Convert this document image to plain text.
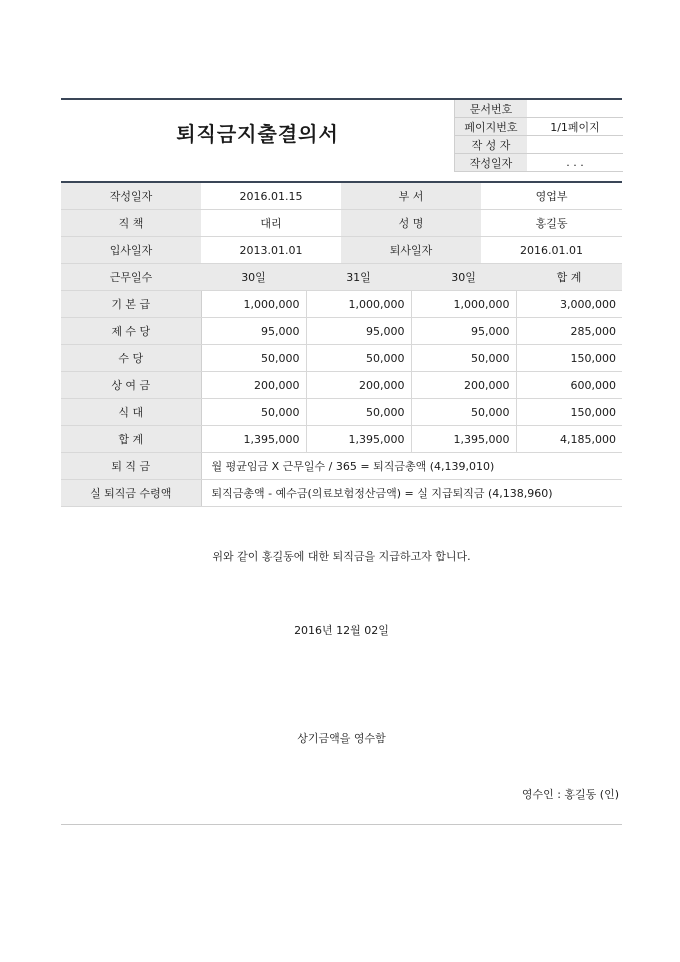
퇴직금지출결의서
문서번호	
페이지번호	1/1페이지
작 성 자	
작성일자	. . .
작성일자	2016.01.15		부 서		영업부	
직 책	대리		성 명		홍길동	
입사일자	2013.01.01		퇴사일자		2016.01.01	
근무일수	30일	31일		30일		합 계
기 본 급	1,000,000	1,000,000		1,000,000		3,000,000
제 수 당	95,000	95,000		95,000		285,000
수 당	50,000	50,000		50,000		150,000
상 여 금	200,000	200,000		200,000		600,000
식 대	50,000	50,000		50,000		150,000
합 계	1,395,000	1,395,000		1,395,000		4,185,000
퇴 직 금	월 평균임금 X 근무일수 / 365 = 퇴직금총액 (4,139,010)					
실 퇴직금 수령액	퇴직금총액 - 예수금(의료보험정산금액) = 실 지급퇴직금 (4,138,960)					
위와 같이 홍길동에 대한 퇴직금을 지급하고자 합니다.
2016년 12월 02일
상기금액을 영수함
영수인 : 홍길동 (인)
